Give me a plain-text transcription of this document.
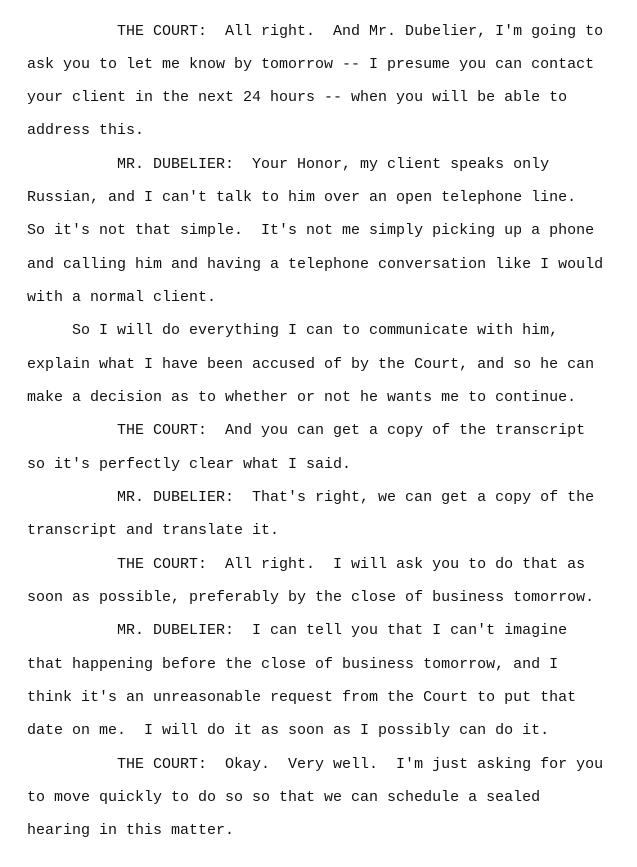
THE COURT:  All right.  And Mr. Dubelier, I'm going to
ask you to let me know by tomorrow -- I presume you can contact
your client in the next 24 hours -- when you will be able to
address this.
MR. DUBELIER:  Your Honor, my client speaks only
Russian, and I can't talk to him over an open telephone line.
So it's not that simple.  It's not me simply picking up a phone
and calling him and having a telephone conversation like I would
with a normal client.
So I will do everything I can to communicate with him,
explain what I have been accused of by the Court, and so he can
make a decision as to whether or not he wants me to continue.
THE COURT:  And you can get a copy of the transcript
so it's perfectly clear what I said.
MR. DUBELIER:  That's right, we can get a copy of the
transcript and translate it.
THE COURT:  All right.  I will ask you to do that as
soon as possible, preferably by the close of business tomorrow.
MR. DUBELIER:  I can tell you that I can't imagine
that happening before the close of business tomorrow, and I
think it's an unreasonable request from the Court to put that
date on me.  I will do it as soon as I possibly can do it.
THE COURT:  Okay.  Very well.  I'm just asking for you
to move quickly to do so so that we can schedule a sealed
hearing in this matter.
